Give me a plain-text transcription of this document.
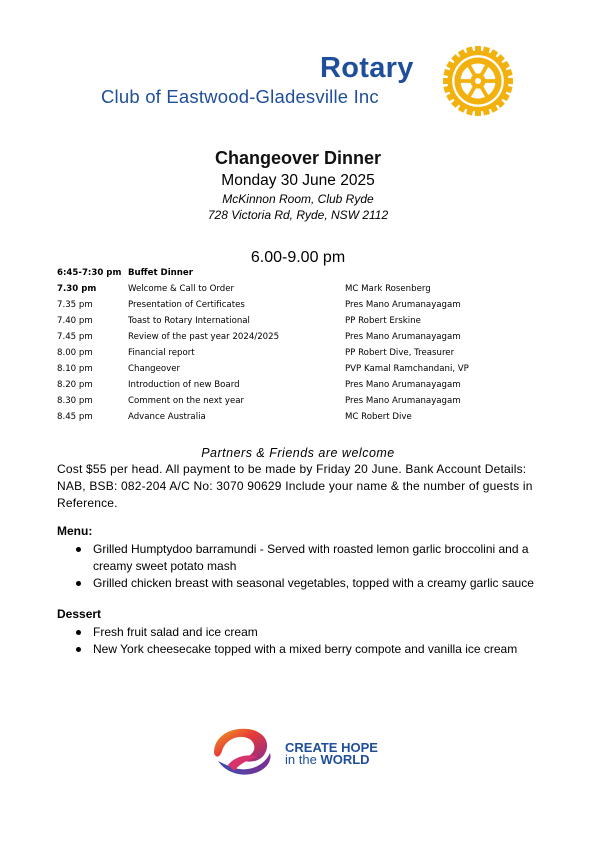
Rotary
Club of Eastwood-Gladesville Inc
Changeover Dinner
Monday 30 June 2025
McKinnon Room, Club Ryde
728 Victoria Rd, Ryde, NSW 2112
6.00-9.00 pm
6:45-7:30 pm Buffet Dinner
7.30 pm	Welcome & Call to Order	MC Mark Rosenberg
7.35 pm	Presentation of Certificates	Pres Mano Arumanayagam
7.40 pm	Toast to Rotary International	PP Robert Erskine
7.45 pm	Review of the past year 2024/2025	Pres Mano Arumanayagam
8.00 pm	Financial report	PP Robert Dive, Treasurer
8.10 pm	Changeover	PVP Kamal Ramchandani, VP
8.20 pm	Introduction of new Board	Pres Mano Arumanayagam
8.30 pm	Comment on the next year	Pres Mano Arumanayagam
8.45 pm	Advance Australia	MC Robert Dive
Partners & Friends are welcome
Cost $55 per head. All payment to be made by Friday 20 June. Bank Account Details: NAB, BSB: 082-204 A/C No: 3070 90629 Include your name & the number of guests in Reference.
Menu:
Grilled Humptydoo barramundi - Served with roasted lemon garlic broccolini and a creamy sweet potato mash
Grilled chicken breast with seasonal vegetables, topped with a creamy garlic sauce
Dessert
Fresh fruit salad and ice cream
New York cheesecake topped with a mixed berry compote and vanilla ice cream
CREATE HOPE
in the WORLD
